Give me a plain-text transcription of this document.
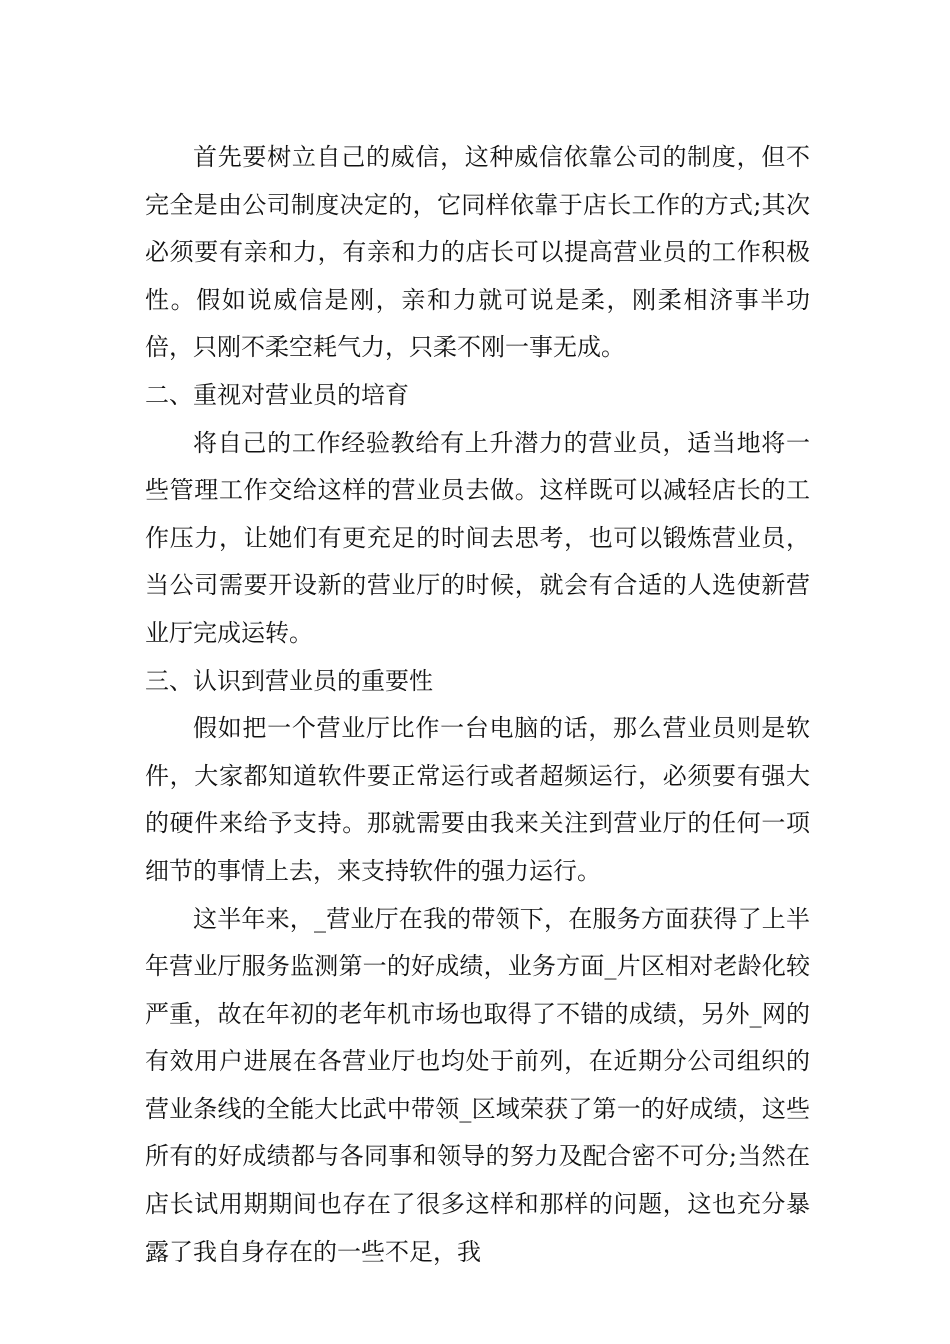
首先要树立自己的威信，这种威信依靠公司的制度，但不完全是由公司制度决定的，它同样依靠于店长工作的方式;其次必须要有亲和力，有亲和力的店长可以提高营业员的工作积极性。假如说威信是刚，亲和力就可说是柔，刚柔相济事半功倍，只刚不柔空耗气力，只柔不刚一事无成。

二、重视对营业员的培育

将自己的工作经验教给有上升潜力的营业员，适当地将一些管理工作交给这样的营业员去做。这样既可以减轻店长的工作压力，让她们有更充足的时间去思考，也可以锻炼营业员，当公司需要开设新的营业厅的时候，就会有合适的人选使新营业厅完成运转。

三、认识到营业员的重要性

假如把一个营业厅比作一台电脑的话，那么营业员则是软件，大家都知道软件要正常运行或者超频运行，必须要有强大的硬件来给予支持。那就需要由我来关注到营业厅的任何一项细节的事情上去，来支持软件的强力运行。

这半年来，_营业厅在我的带领下，在服务方面获得了上半年营业厅服务监测第一的好成绩，业务方面_片区相对老龄化较严重，故在年初的老年机市场也取得了不错的成绩，另外_网的有效用户进展在各营业厅也均处于前列，在近期分公司组织的营业条线的全能大比武中带领_区域荣获了第一的好成绩，这些所有的好成绩都与各同事和领导的努力及配合密不可分;当然在店长试用期期间也存在了很多这样和那样的问题，这也充分暴露了我自身存在的一些不足，我
